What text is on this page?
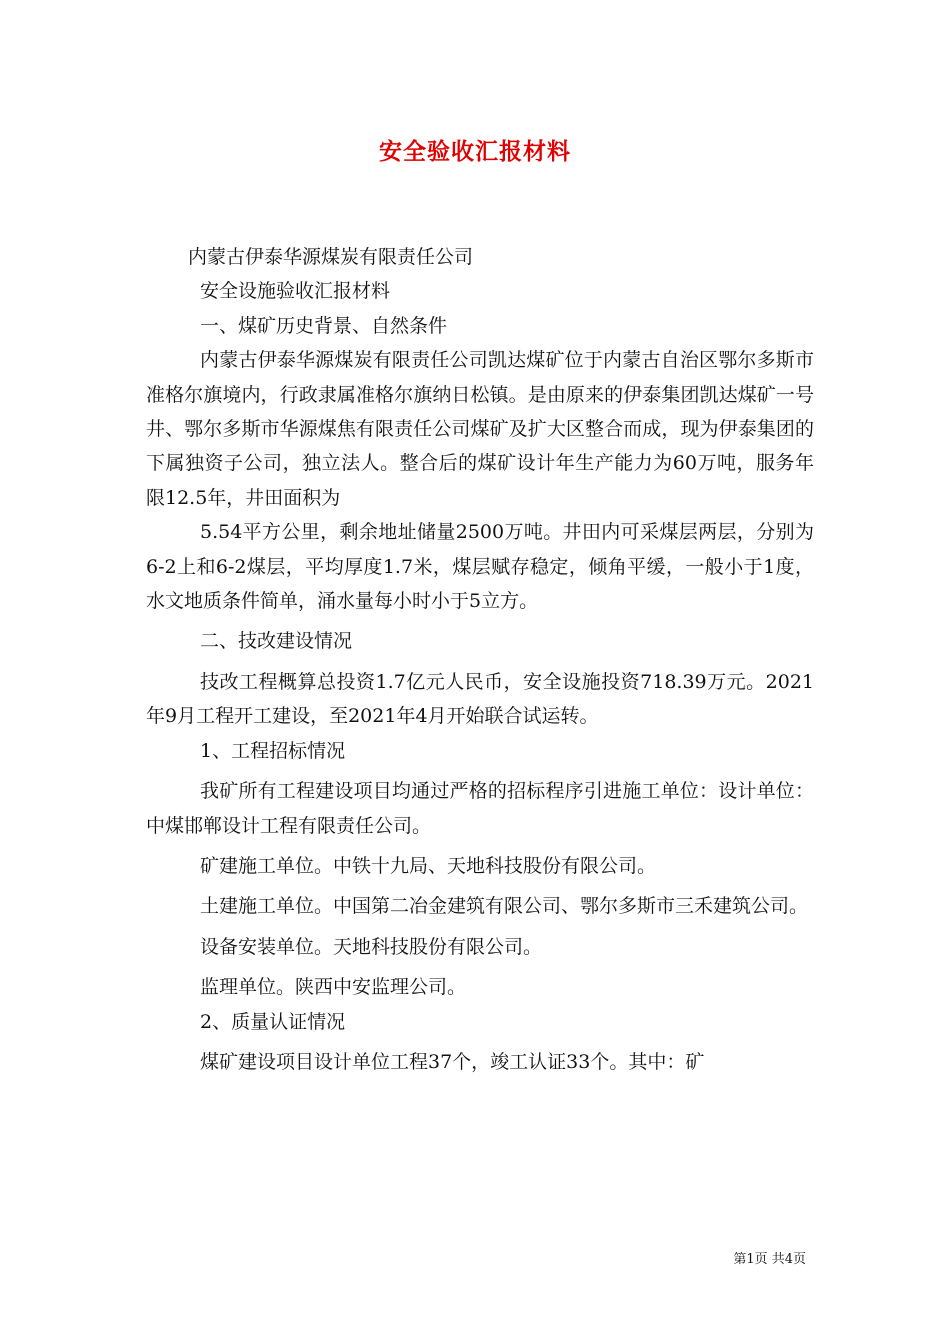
安全验收汇报材料

内蒙古伊泰华源煤炭有限责任公司

安全设施验收汇报材料

一、煤矿历史背景、自然条件

内蒙古伊泰华源煤炭有限责任公司凯达煤矿位于内蒙古自治区鄂尔多斯市准格尔旗境内，行政隶属准格尔旗纳日松镇。是由原来的伊泰集团凯达煤矿一号井、鄂尔多斯市华源煤焦有限责任公司煤矿及扩大区整合而成，现为伊泰集团的下属独资子公司，独立法人。整合后的煤矿设计年生产能力为60万吨，服务年限12.5年，井田面积为

5.54平方公里，剩余地址储量2500万吨。井田内可采煤层两层，分别为6-2上和6-2煤层，平均厚度1.7米，煤层赋存稳定，倾角平缓，一般小于1度，水文地质条件简单，涌水量每小时小于5立方。

二、技改建设情况

技改工程概算总投资1.7亿元人民币，安全设施投资718.39万元。2021年9月工程开工建设，至2021年4月开始联合试运转。

1、工程招标情况

我矿所有工程建设项目均通过严格的招标程序引进施工单位：设计单位：中煤邯郸设计工程有限责任公司。

矿建施工单位。中铁十九局、天地科技股份有限公司。

土建施工单位。中国第二冶金建筑有限公司、鄂尔多斯市三禾建筑公司。

设备安装单位。天地科技股份有限公司。

监理单位。陕西中安监理公司。

2、质量认证情况

煤矿建设项目设计单位工程37个，竣工认证33个。其中：矿

第1页 共4页
